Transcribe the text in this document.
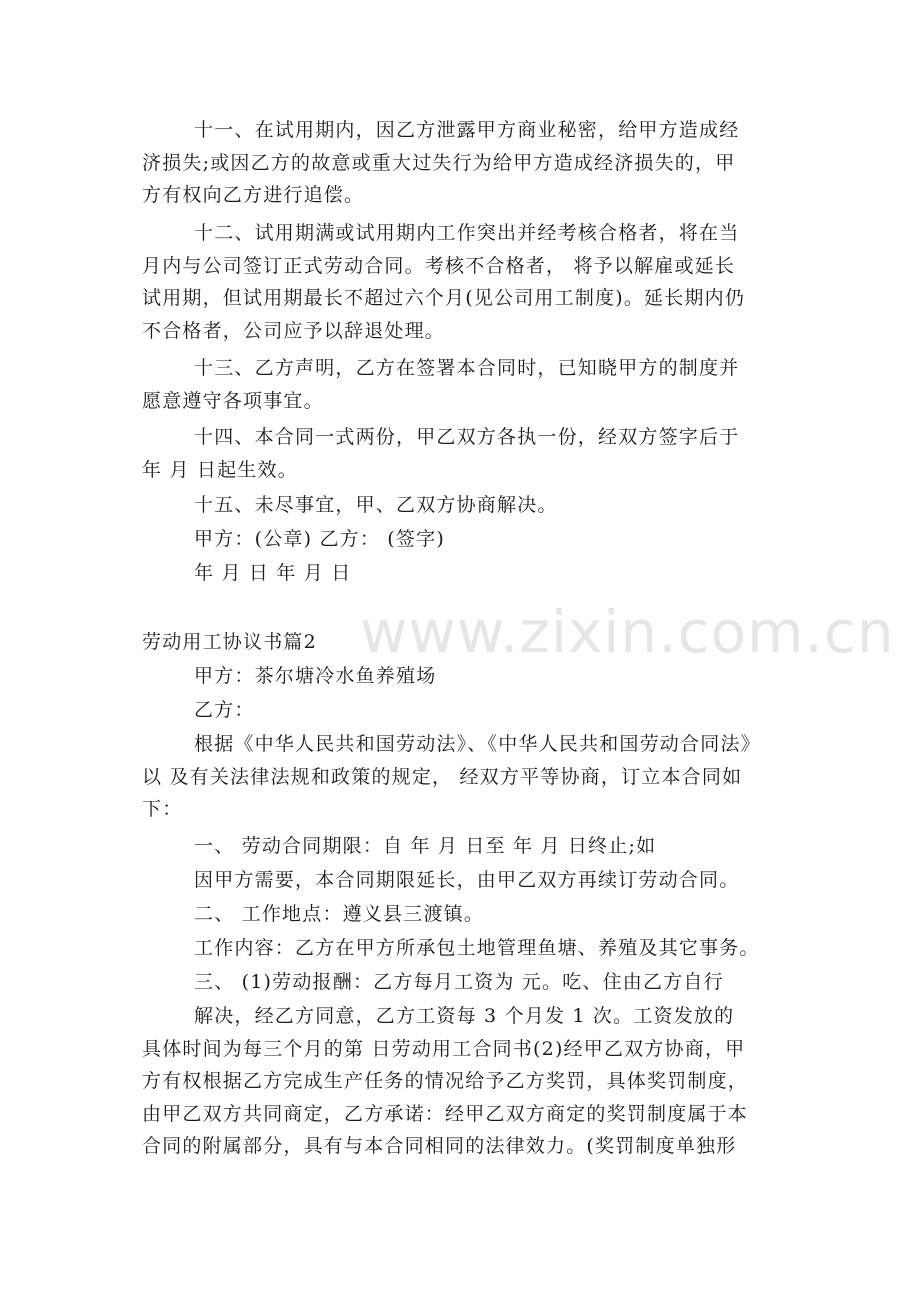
www.zixin.com.cn

十一、在试用期内，因乙方泄露甲方商业秘密，给甲方造成经
济损失;或因乙方的故意或重大过失行为给甲方造成经济损失的，甲
方有权向乙方进行追偿。

十二、试用期满或试用期内工作突出并经考核合格者，将在当
月内与公司签订正式劳动合同。考核不合格者， 将予以解雇或延长
试用期，但试用期最长不超过六个月(见公司用工制度)。延长期内仍
不合格者，公司应予以辞退处理。

十三、乙方声明，乙方在签署本合同时，已知晓甲方的制度并
愿意遵守各项事宜。

十四、本合同一式两份，甲乙双方各执一份，经双方签字后于
年 月 日起生效。

十五、未尽事宜，甲、乙双方协商解决。

甲方：(公章) 乙方： (签字)

年 月 日 年 月 日

劳动用工协议书篇2

甲方：茶尔塘冷水鱼养殖场

乙方：

根据《中华人民共和国劳动法》、《中华人民共和国劳动合同法》
以 及有关法律法规和政策的规定， 经双方平等协商，订立本合同如
下：

一、 劳动合同期限：自 年 月 日至 年 月 日终止;如

因甲方需要，本合同期限延长，由甲乙双方再续订劳动合同。

二、 工作地点：遵义县三渡镇。

工作内容：乙方在甲方所承包土地管理鱼塘、养殖及其它事务。

三、 (1)劳动报酬：乙方每月工资为 元。吃、住由乙方自行

解决，经乙方同意，乙方工资每 3 个月发 1 次。工资发放的
具体时间为每三个月的第 日劳动用工合同书(2)经甲乙双方协商，甲
方有权根据乙方完成生产任务的情况给予乙方奖罚，具体奖罚制度，
由甲乙双方共同商定，乙方承诺：经甲乙双方商定的奖罚制度属于本
合同的附属部分，具有与本合同相同的法律效力。(奖罚制度单独形
